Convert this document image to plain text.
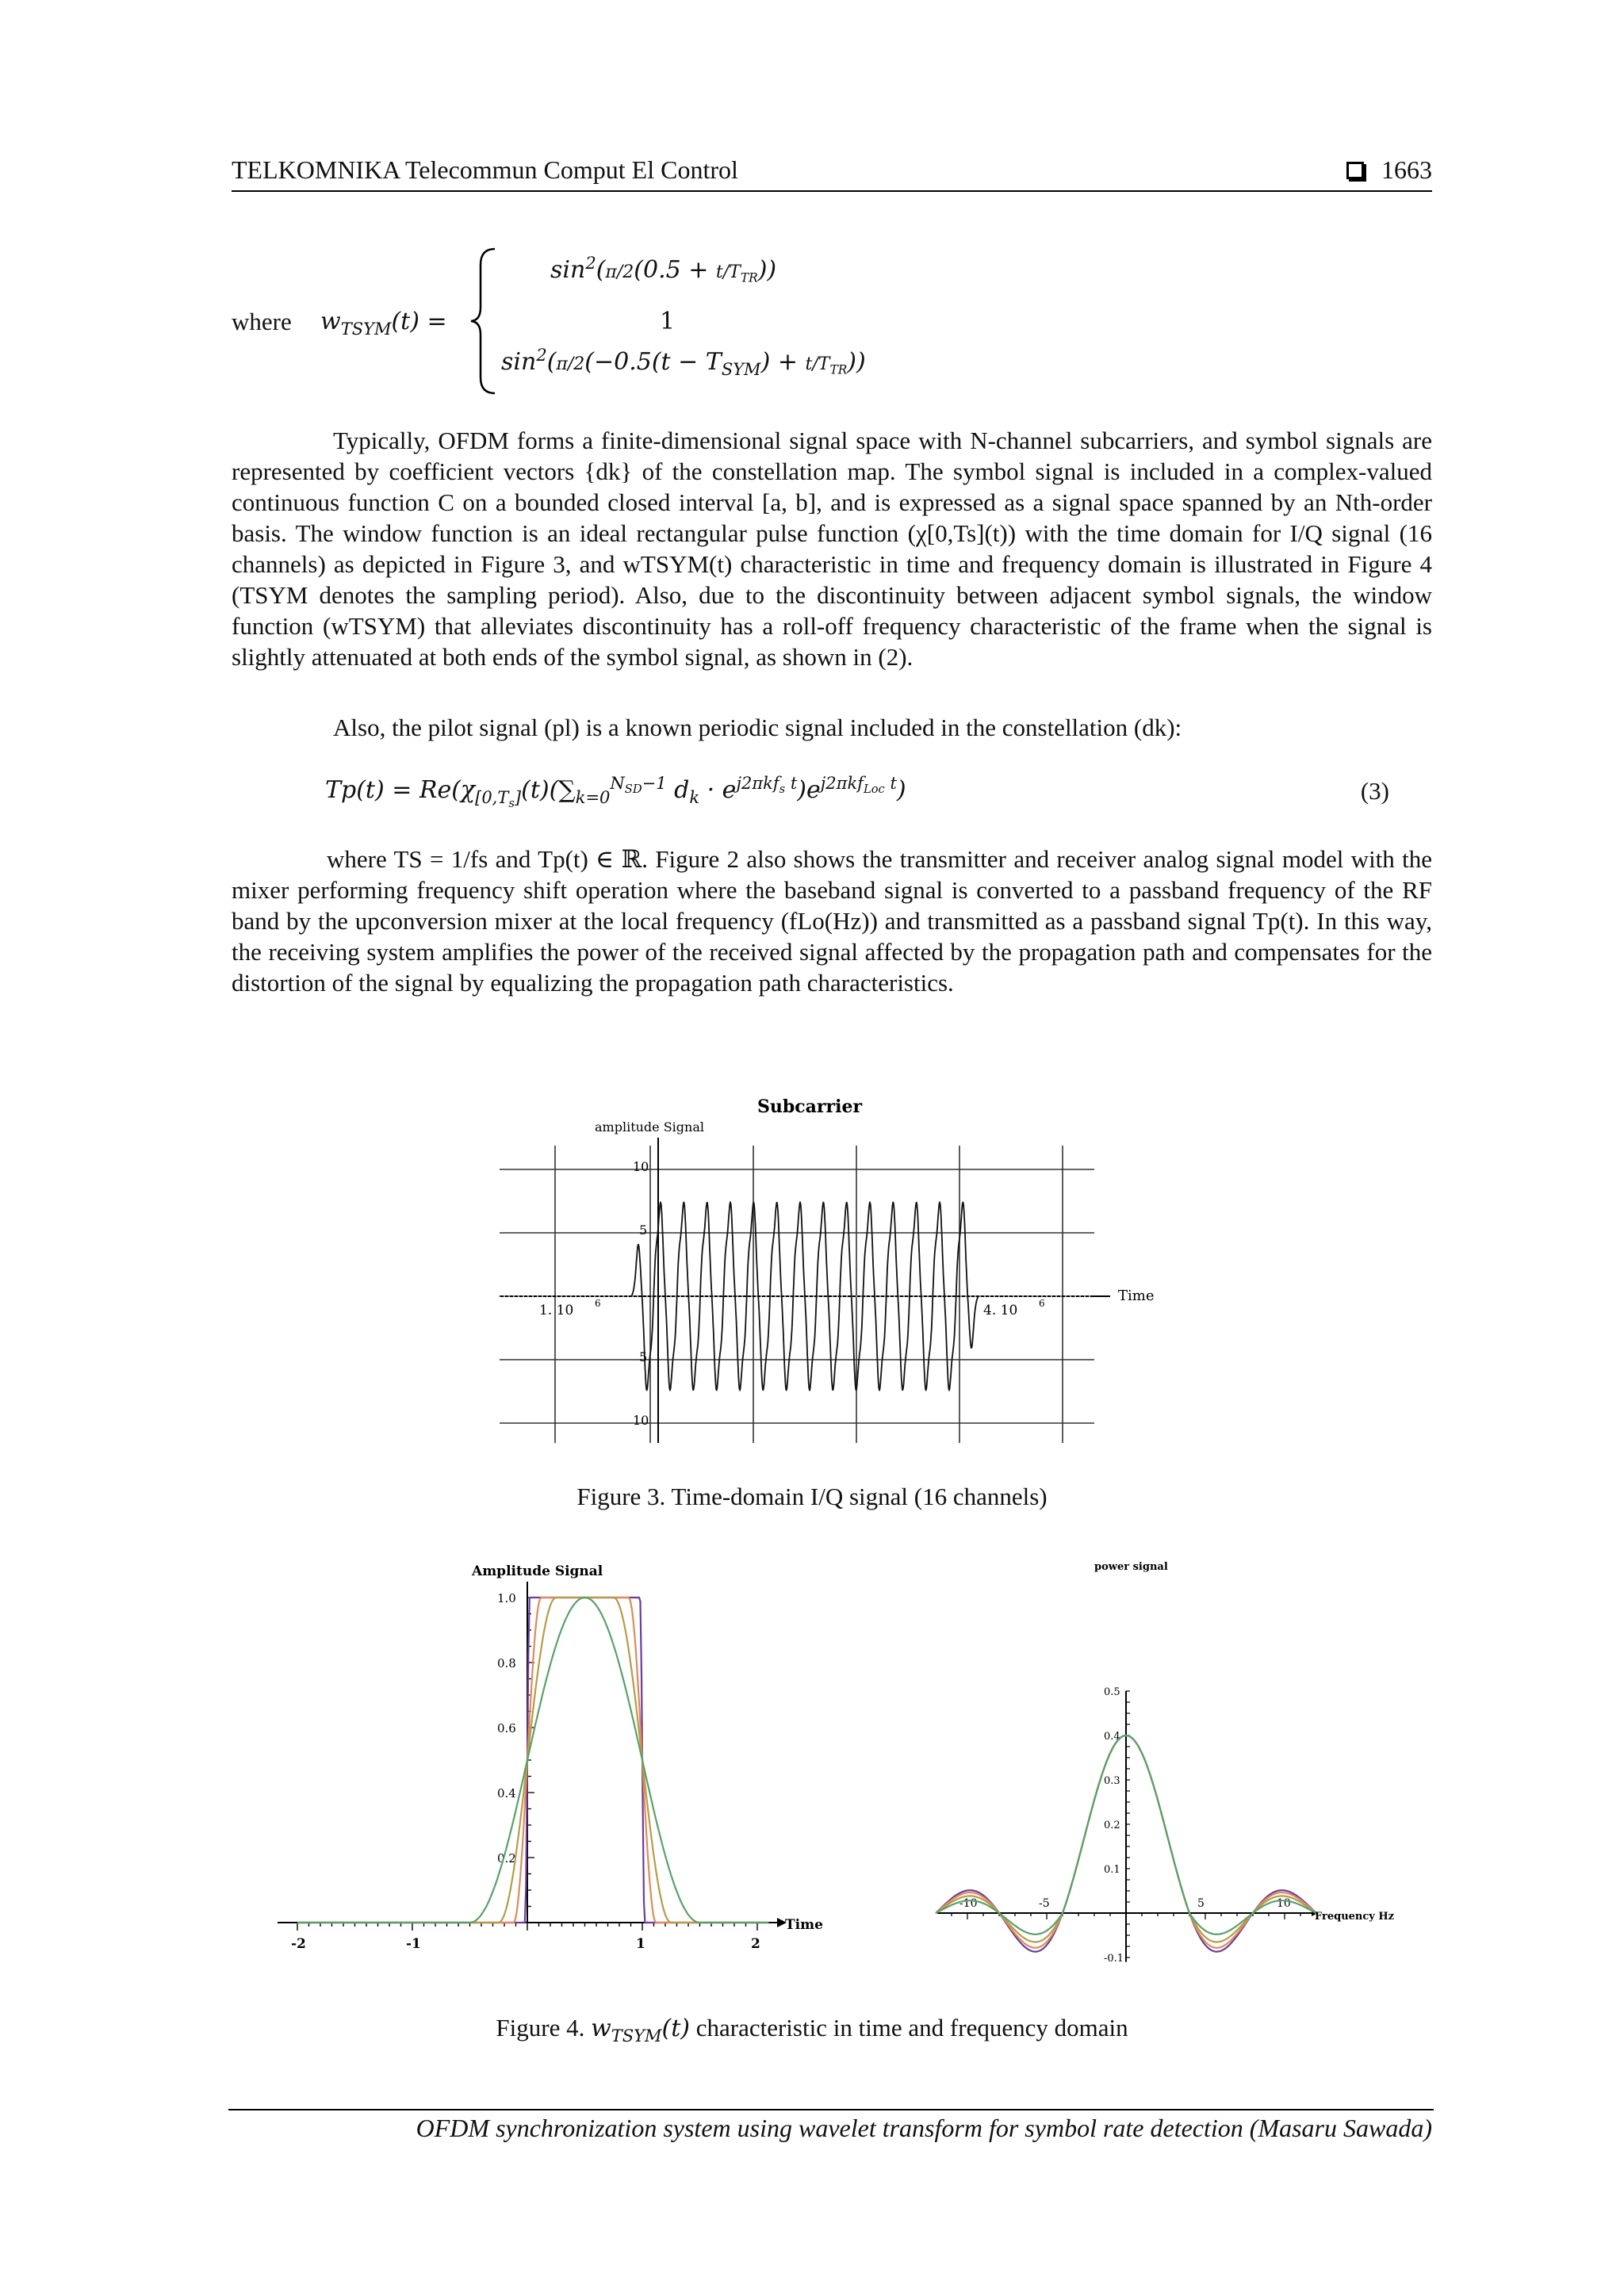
TELKOMNIKA Telecommun Comput El Control	1663
where $w_{TSYM}(t)$ =
$\sin^2(\pi/2(0.5 + t/T_{TR}))$
1
$\sin^2(\pi/2(-0.5(t - T_{SYM}) + t/T_{TR}))$
Typically, OFDM forms a finite-dimensional signal space with N-channel subcarriers, and symbol signals are represented by coefficient vectors {dk} of the constellation map. The symbol signal is included in a complex-valued continuous function C on a bounded closed interval [a, b], and is expressed as a signal space spanned by an Nth-order basis. The window function is an ideal rectangular pulse function (χ[0,Ts](t)) with the time domain for I/Q signal (16 channels) as depicted in Figure 3, and wTSYM(t) characteristic in time and frequency domain is illustrated in Figure 4 (TSYM denotes the sampling period). Also, due to the discontinuity between adjacent symbol signals, the window function (wTSYM) that alleviates discontinuity has a roll-off frequency characteristic of the frame when the signal is slightly attenuated at both ends of the symbol signal, as shown in (2).
Also, the pilot signal (pl) is a known periodic signal included in the constellation (dk):
$Tp(t) = Re(\chi_{[0,T_s]}(t)(\sum_{k=0}^{N_{SD}-1}$ $d_k \cdot e^{j2\pi kf_s t})e^{j2\pi kf_{Loc} t}$)	(3)
where TS = 1/fs and Tp(t) ∈ ℝ. Figure 2 also shows the transmitter and receiver analog signal model with the mixer performing frequency shift operation where the baseband signal is converted to a passband frequency of the RF band by the upconversion mixer at the local frequency (fLo(Hz)) and transmitted as a passband signal Tp(t). In this way, the receiving system amplifies the power of the received signal affected by the propagation path and compensates for the distortion of the signal by equalizing the propagation path characteristics.
Subcarrier
amplitude Signal
Time
10
5
5
10
1. 10 6	4. 10 6
Figure 3. Time-domain I/Q signal (16 channels)
Amplitude Signal
-2	-1	1	2
1.0
0.8
0.6
0.4
0.2
Time
power signal
-10	-5	5	10
0.5
0.4
0.3
0.2
0.1
-0.1
Frequency Hz
Figure 4. $w_{TSYM}(t)$ characteristic in time and frequency domain
OFDM synchronization system using wavelet transform for symbol rate detection (Masaru Sawada)
